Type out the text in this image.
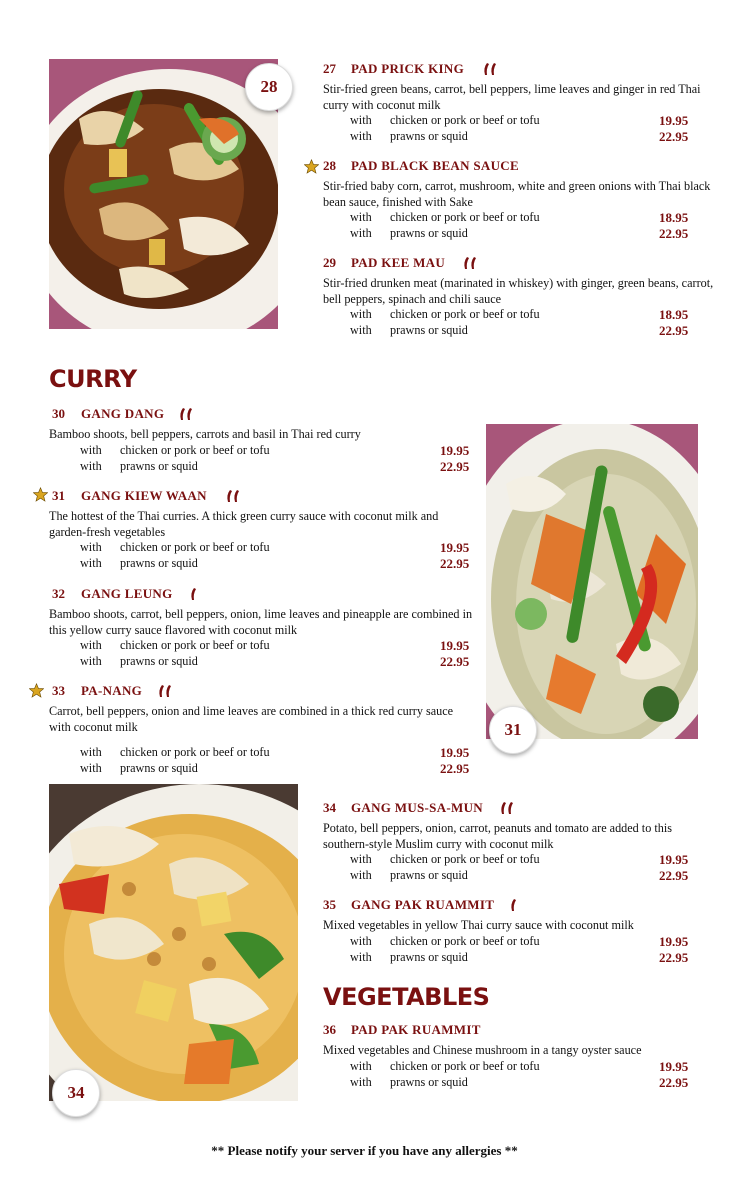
28
31
34
CURRY
VEGETABLES
27 PAD PRICK KING
Stir-fried green beans, carrot, bell peppers, lime leaves and ginger in red Thai curry with coconut milk
with chicken or pork or beef or tofu	19.95
with prawns or squid	22.95
28 PAD BLACK BEAN SAUCE
Stir-fried baby corn, carrot, mushroom, white and green onions with Thai black bean sauce, finished with Sake
with chicken or pork or beef or tofu	18.95
with prawns or squid	22.95
29 PAD KEE MAU
Stir-fried drunken meat (marinated in whiskey) with ginger, green beans, carrot, bell peppers, spinach and chili sauce
with chicken or pork or beef or tofu	18.95
with prawns or squid	22.95
30 GANG DANG
Bamboo shoots, bell peppers, carrots and basil in Thai red curry
with chicken or pork or beef or tofu	19.95
with prawns or squid	22.95
31 GANG KIEW WAAN
The hottest of the Thai curries. A thick green curry sauce with coconut milk and garden-fresh vegetables
with chicken or pork or beef or tofu	19.95
with prawns or squid	22.95
32 GANG LEUNG
Bamboo shoots, carrot, bell peppers, onion, lime leaves and pineapple are combined in this yellow curry sauce flavored with coconut milk
with chicken or pork or beef or tofu	19.95
with prawns or squid	22.95
33 PA-NANG
Carrot, bell peppers, onion and lime leaves are combined in a thick red curry sauce with coconut milk
with chicken or pork or beef or tofu	19.95
with prawns or squid	22.95
34 GANG MUS-SA-MUN
Potato, bell peppers, onion, carrot, peanuts and tomato are added to this southern-style Muslim curry with coconut milk
with chicken or pork or beef or tofu	19.95
with prawns or squid	22.95
35 GANG PAK RUAMMIT
Mixed vegetables in yellow Thai curry sauce with coconut milk
with chicken or pork or beef or tofu	19.95
with prawns or squid	22.95
36 PAD PAK RUAMMIT
Mixed vegetables and Chinese mushroom in a tangy oyster sauce
with chicken or pork or beef or tofu	19.95
with prawns or squid	22.95
** Please notify your server if you have any allergies **
